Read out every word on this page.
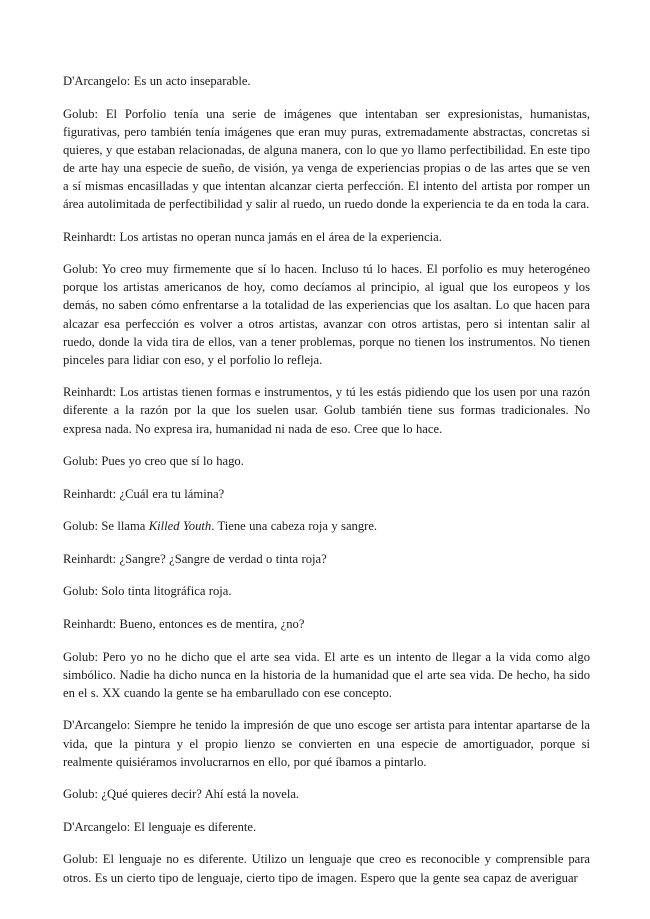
D'Arcangelo: Es un acto inseparable.

Golub: El Porfolio tenía una serie de imágenes que intentaban ser expresionistas, humanistas, figurativas, pero también tenía imágenes que eran muy puras, extremadamente abstractas, concretas si quieres, y que estaban relacionadas, de alguna manera, con lo que yo llamo perfectibilidad. En este tipo de arte hay una especie de sueño, de visión, ya venga de experiencias propias o de las artes que se ven a sí mismas encasilladas y que intentan alcanzar cierta perfección. El intento del artista por romper un área autolimitada de perfectibilidad y salir al ruedo, un ruedo donde la experiencia te da en toda la cara.

Reinhardt: Los artistas no operan nunca jamás en el área de la experiencia.

Golub: Yo creo muy firmemente que sí lo hacen. Incluso tú lo haces. El porfolio es muy heterogéneo porque los artistas americanos de hoy, como decíamos al principio, al igual que los europeos y los demás, no saben cómo enfrentarse a la totalidad de las experiencias que los asaltan. Lo que hacen para alcazar esa perfección es volver a otros artistas, avanzar con otros artistas, pero si intentan salir al ruedo, donde la vida tira de ellos, van a tener problemas, porque no tienen los instrumentos. No tienen pinceles para lidiar con eso, y el porfolio lo refleja.

Reinhardt: Los artistas tienen formas e instrumentos, y tú les estás pidiendo que los usen por una razón diferente a la razón por la que los suelen usar. Golub también tiene sus formas tradicionales. No expresa nada. No expresa ira, humanidad ni nada de eso. Cree que lo hace.

Golub: Pues yo creo que sí lo hago.

Reinhardt: ¿Cuál era tu lámina?

Golub: Se llama Killed Youth. Tiene una cabeza roja y sangre.

Reinhardt: ¿Sangre? ¿Sangre de verdad o tinta roja?

Golub: Solo tinta litográfica roja.

Reinhardt: Bueno, entonces es de mentira, ¿no?

Golub: Pero yo no he dicho que el arte sea vida. El arte es un intento de llegar a la vida como algo simbólico. Nadie ha dicho nunca en la historia de la humanidad que el arte sea vida. De hecho, ha sido en el s. XX cuando la gente se ha embarullado con ese concepto.

D'Arcangelo: Siempre he tenido la impresión de que uno escoge ser artista para intentar apartarse de la vida, que la pintura y el propio lienzo se convierten en una especie de amortiguador, porque si realmente quisiéramos involucrarnos en ello, por qué íbamos a pintarlo.

Golub: ¿Qué quieres decir? Ahí está la novela.

D'Arcangelo: El lenguaje es diferente.

Golub: El lenguaje no es diferente. Utilizo un lenguaje que creo es reconocible y comprensible para otros. Es un cierto tipo de lenguaje, cierto tipo de imagen. Espero que la gente sea capaz de averiguar
